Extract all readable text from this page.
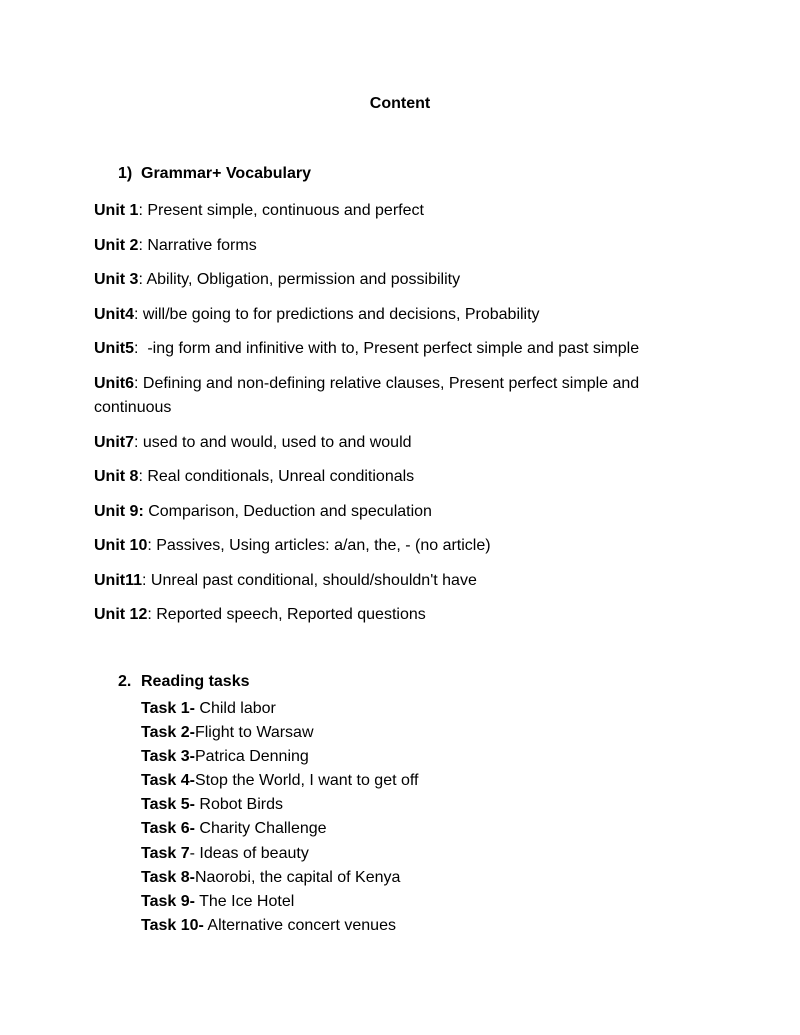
Content
1) Grammar+ Vocabulary
Unit 1: Present simple, continuous and perfect
Unit 2: Narrative forms
Unit 3: Ability, Obligation, permission and possibility
Unit4: will/be going to for predictions and decisions, Probability
Unit5:  -ing form and infinitive with to, Present perfect simple and past simple
Unit6: Defining and non-defining relative clauses, Present perfect simple and continuous
Unit7: used to and would, used to and would
Unit 8: Real conditionals, Unreal conditionals
Unit 9: Comparison, Deduction and speculation
Unit 10: Passives, Using articles: a/an, the, - (no article)
Unit11: Unreal past conditional, should/shouldn't have
Unit 12: Reported speech, Reported questions
2. Reading tasks
Task 1- Child labor
Task 2-Flight to Warsaw
Task 3-Patrica Denning
Task 4-Stop the World, I want to get off
Task 5- Robot Birds
Task 6- Charity Challenge
Task 7- Ideas of beauty
Task 8-Naorobi, the capital of Kenya
Task 9- The Ice Hotel
Task 10- Alternative concert venues
